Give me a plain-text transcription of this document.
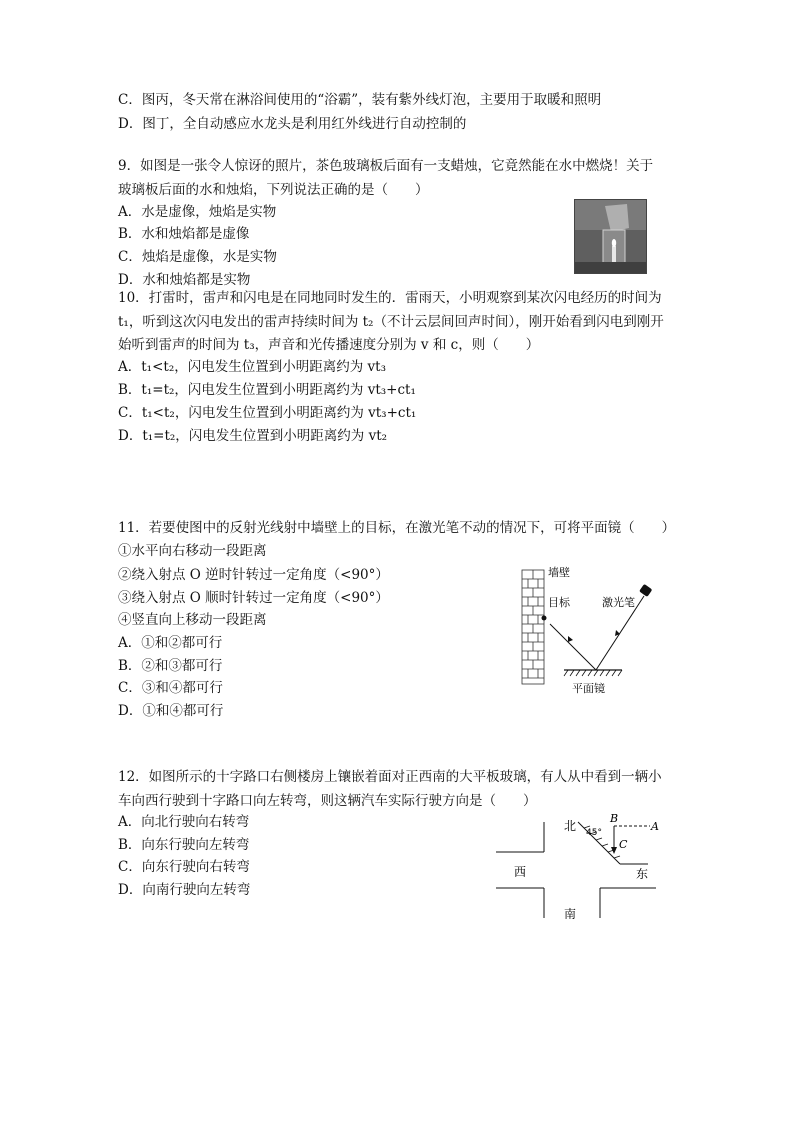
C．图丙，冬天常在淋浴间使用的“浴霸”，装有紫外线灯泡，主要用于取暖和照明
D．图丁，全自动感应水龙头是利用红外线进行自动控制的
9．如图是一张令人惊讶的照片，茶色玻璃板后面有一支蜡烛，它竟然能在水中燃烧！关于
玻璃板后面的水和烛焰，下列说法正确的是（　　）
A．水是虚像，烛焰是实物
B．水和烛焰都是虚像
C．烛焰是虚像，水是实物
D．水和烛焰都是实物
10．打雷时，雷声和闪电是在同地同时发生的．雷雨天，小明观察到某次闪电经历的时间为
t₁，听到这次闪电发出的雷声持续时间为 t₂（不计云层间回声时间），刚开始看到闪电到刚开
始听到雷声的时间为 t₃，声音和光传播速度分别为 v 和 c，则（　　）
A．t₁<t₂，闪电发生位置到小明距离约为 vt₃
B．t₁=t₂，闪电发生位置到小明距离约为 vt₃+ct₁
C．t₁<t₂，闪电发生位置到小明距离约为 vt₃+ct₁
D．t₁=t₂，闪电发生位置到小明距离约为 vt₂
11．若要使图中的反射光线射中墙壁上的目标，在激光笔不动的情况下，可将平面镜（　　）
①水平向右移动一段距离
②绕入射点 O 逆时针转过一定角度（<90°）
③绕入射点 O 顺时针转过一定角度（<90°）
④竖直向上移动一段距离
A．①和②都可行
B．②和③都可行
C．③和④都可行
D．①和④都可行
墙壁
目标	激光笔
平面镜
12．如图所示的十字路口右侧楼房上镶嵌着面对正西南的大平板玻璃，有人从中看到一辆小
车向西行驶到十字路口向左转弯，则这辆汽车实际行驶方向是（　　）
A．向北行驶向右转弯
B．向东行驶向左转弯
C．向东行驶向右转弯
D．向南行驶向左转弯
北 45°
B
A
C
西	东
南
